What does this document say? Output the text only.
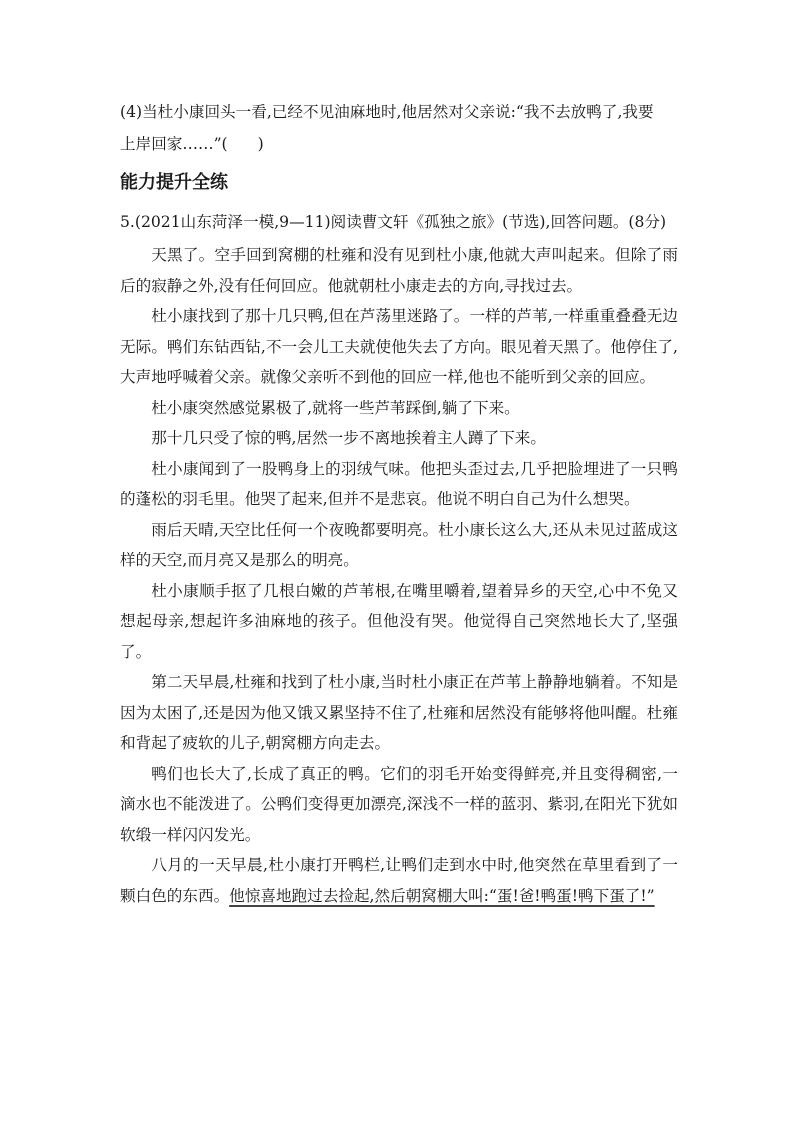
(4)当杜小康回头一看,已经不见油麻地时,他居然对父亲说:“我不去放鸭了,我要
上岸回家……”( )
能力提升全练
5.(2021山东菏泽一模,9—11)阅读曹文轩《孤独之旅》(节选),回答问题。(8分)

天黑了。空手回到窝棚的杜雍和没有见到杜小康,他就大声叫起来。但除了雨后的寂静之外,没有任何回应。他就朝杜小康走去的方向,寻找过去。

杜小康找到了那十几只鸭,但在芦荡里迷路了。一样的芦苇,一样重重叠叠无边无际。鸭们东钻西钻,不一会儿工夫就使他失去了方向。眼见着天黑了。他停住了,大声地呼喊着父亲。就像父亲听不到他的回应一样,他也不能听到父亲的回应。

杜小康突然感觉累极了,就将一些芦苇踩倒,躺了下来。

那十几只受了惊的鸭,居然一步不离地挨着主人蹲了下来。

杜小康闻到了一股鸭身上的羽绒气味。他把头歪过去,几乎把脸埋进了一只鸭的蓬松的羽毛里。他哭了起来,但并不是悲哀。他说不明白自己为什么想哭。

雨后天晴,天空比任何一个夜晚都要明亮。杜小康长这么大,还从未见过蓝成这样的天空,而月亮又是那么的明亮。

杜小康顺手抠了几根白嫩的芦苇根,在嘴里嚼着,望着异乡的天空,心中不免又想起母亲,想起许多油麻地的孩子。但他没有哭。他觉得自己突然地长大了,坚强了。

第二天早晨,杜雍和找到了杜小康,当时杜小康正在芦苇上静静地躺着。不知是因为太困了,还是因为他又饿又累坚持不住了,杜雍和居然没有能够将他叫醒。杜雍和背起了疲软的儿子,朝窝棚方向走去。

鸭们也长大了,长成了真正的鸭。它们的羽毛开始变得鲜亮,并且变得稠密,一滴水也不能泼进了。公鸭们变得更加漂亮,深浅不一样的蓝羽、紫羽,在阳光下犹如软缎一样闪闪发光。

八月的一天早晨,杜小康打开鸭栏,让鸭们走到水中时,他突然在草里看到了一颗白色的东西。他惊喜地跑过去捡起,然后朝窝棚大叫:“蛋!爸!鸭蛋!鸭下蛋了!”
